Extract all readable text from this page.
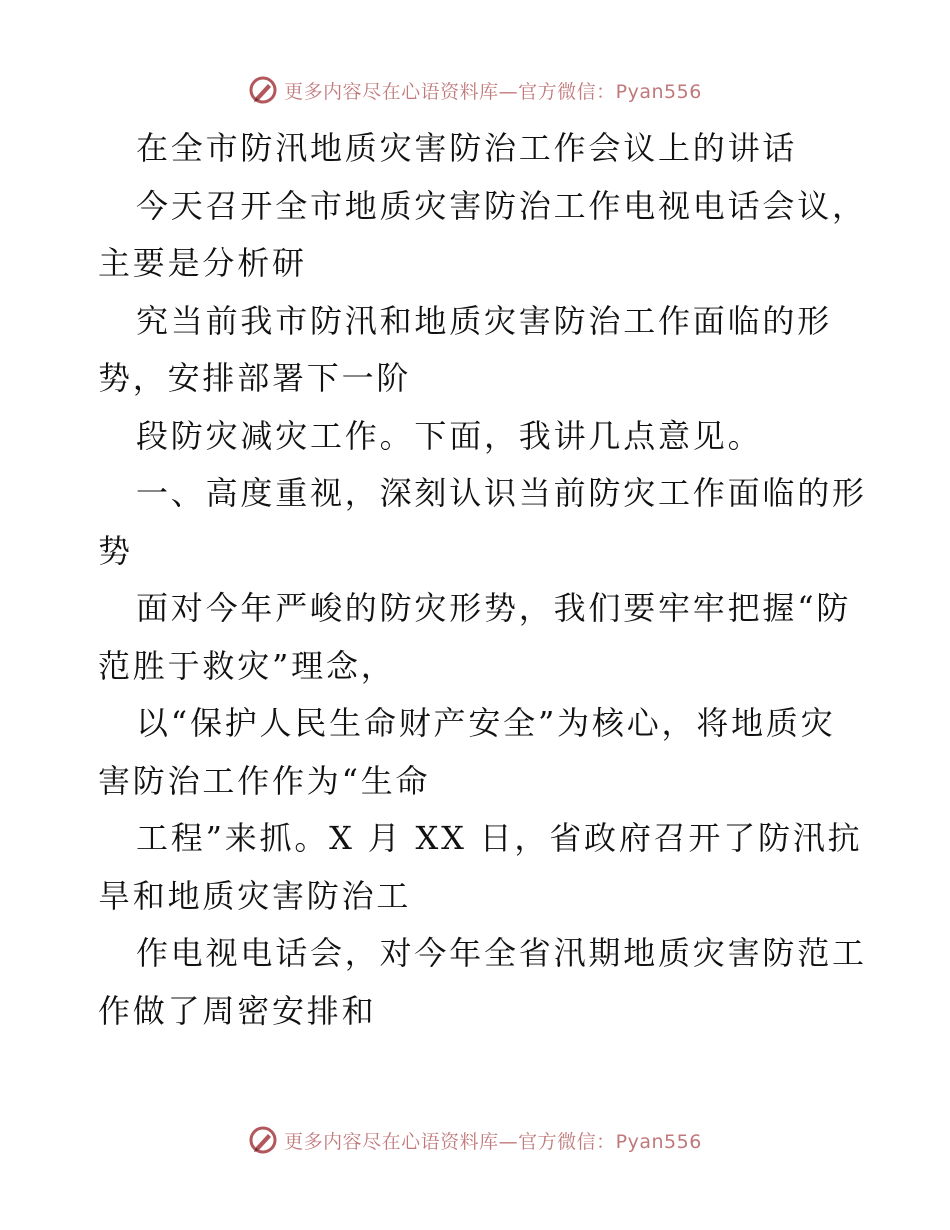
更多内容尽在心语资料库—官方微信：Pyan556
在全市防汛地质灾害防治工作会议上的讲话
今天召开全市地质灾害防治工作电视电话会议，
主要是分析研
究当前我市防汛和地质灾害防治工作面临的形
势，安排部署下一阶
段防灾减灾工作。下面，我讲几点意见。
一、高度重视，深刻认识当前防灾工作面临的形
势
面对今年严峻的防灾形势，我们要牢牢把握“防
范胜于救灾”理念，
以“保护人民生命财产安全”为核心，将地质灾
害防治工作作为“生命
工程”来抓。X 月 XX 日，省政府召开了防汛抗
旱和地质灾害防治工
作电视电话会，对今年全省汛期地质灾害防范工
作做了周密安排和
更多内容尽在心语资料库—官方微信：Pyan556
